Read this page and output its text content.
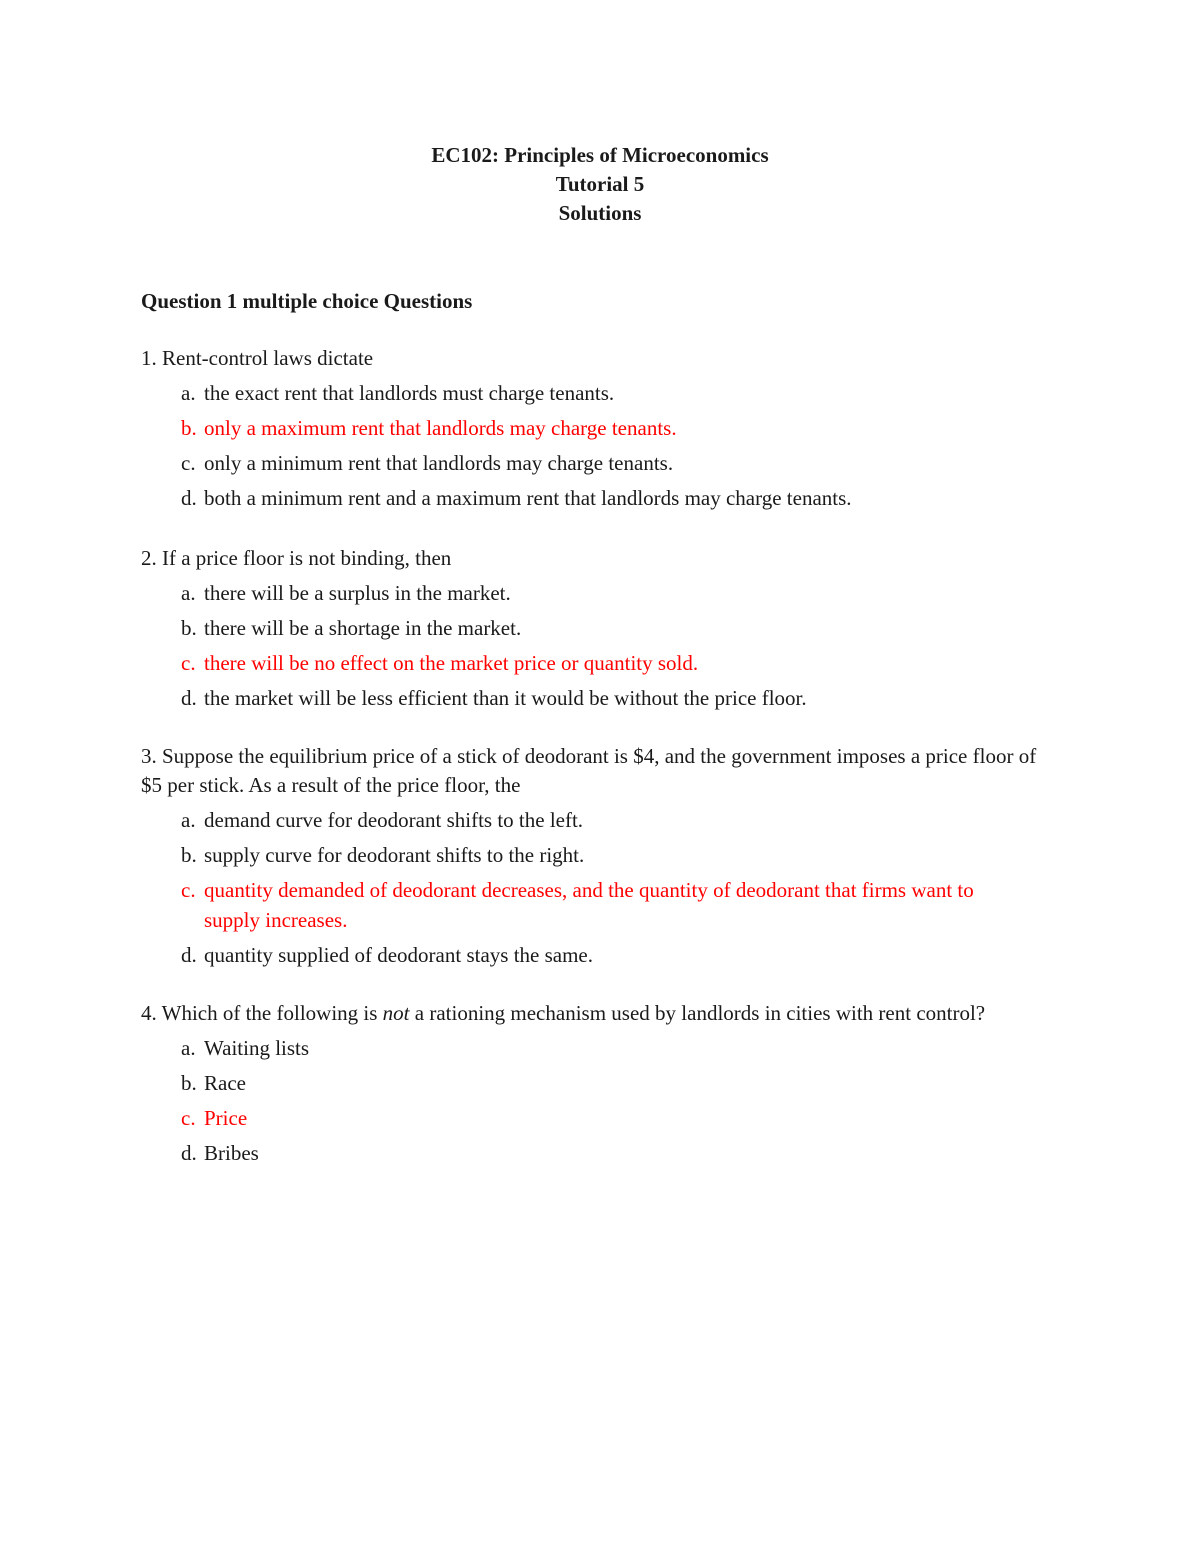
EC102: Principles of Microeconomics
Tutorial 5
Solutions
Question 1 multiple choice Questions

1. Rent-control laws dictate

a. the exact rent that landlords must charge tenants.
b. only a maximum rent that landlords may charge tenants.
c. only a minimum rent that landlords may charge tenants.
d. both a minimum rent and a maximum rent that landlords may charge tenants.

2. If a price floor is not binding, then

a. there will be a surplus in the market.
b. there will be a shortage in the market.
c. there will be no effect on the market price or quantity sold.
d. the market will be less efficient than it would be without the price floor.

3. Suppose the equilibrium price of a stick of deodorant is $4, and the government imposes a price floor of $5 per stick. As a result of the price floor, the

a. demand curve for deodorant shifts to the left.
b. supply curve for deodorant shifts to the right.
c. quantity demanded of deodorant decreases, and the quantity of deodorant that firms want to supply increases.
d. quantity supplied of deodorant stays the same.

4. Which of the following is not a rationing mechanism used by landlords in cities with rent control?

a. Waiting lists
b. Race
c. Price
d. Bribes
